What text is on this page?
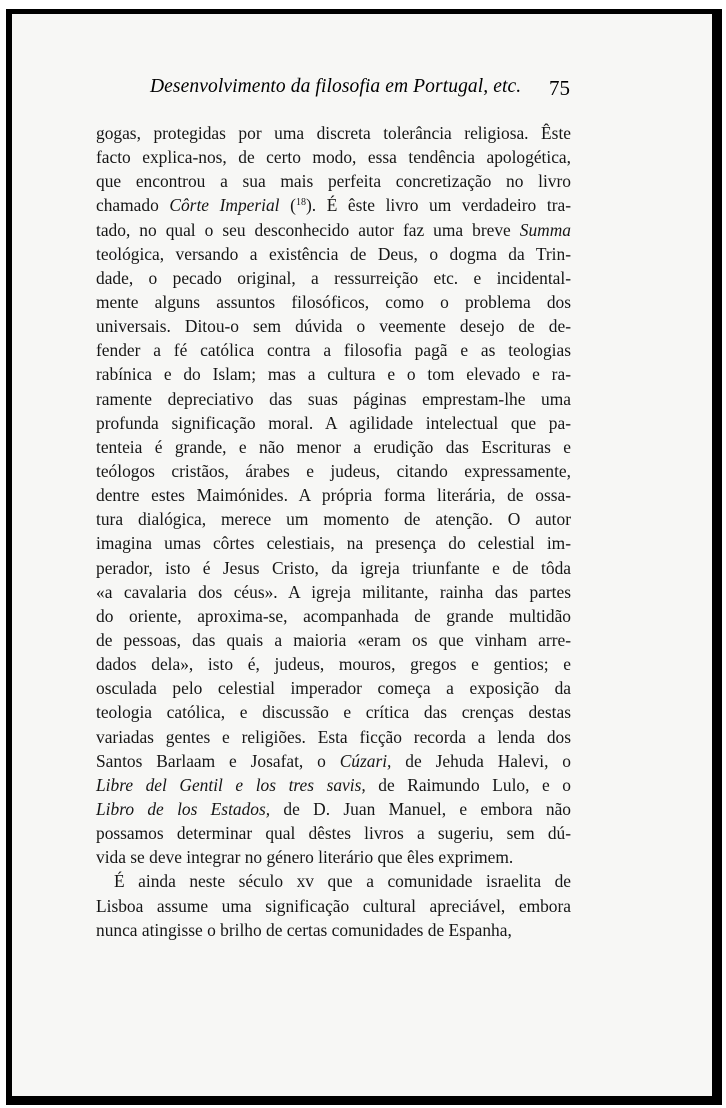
Desenvolvimento da filosofia em Portugal, etc. 75
gogas, protegidas por uma discreta tolerância religiosa. Êste
facto explica-nos, de certo modo, essa tendência apologética,
que encontrou a sua mais perfeita concretização no livro
chamado Côrte Imperial ($^{18}$). É êste livro um verdadeiro tra-
tado, no qual o seu desconhecido autor faz uma breve Summa
teológica, versando a existência de Deus, o dogma da Trin-
dade, o pecado original, a ressurreição etc. e incidental-
mente alguns assuntos filosóficos, como o problema dos
universais. Ditou-o sem dúvida o veemente desejo de de-
fender a fé católica contra a filosofia pagã e as teologias
rabínica e do Islam; mas a cultura e o tom elevado e ra-
ramente depreciativo das suas páginas emprestam-lhe uma
profunda significação moral. A agilidade intelectual que pa-
tenteia é grande, e não menor a erudição das Escrituras e
teólogos cristãos, árabes e judeus, citando expressamente,
dentre estes Maimónides. A própria forma literária, de ossa-
tura dialógica, merece um momento de atenção. O autor
imagina umas côrtes celestiais, na presença do celestial im-
perador, isto é Jesus Cristo, da igreja triunfante e de tôda
«a cavalaria dos céus». A igreja militante, rainha das partes
do oriente, aproxima-se, acompanhada de grande multidão
de pessoas, das quais a maioria «eram os que vinham arre-
dados dela», isto é, judeus, mouros, gregos e gentios; e
osculada pelo celestial imperador começa a exposição da
teologia católica, e discussão e crítica das crenças destas
variadas gentes e religiões. Esta ficção recorda a lenda dos
Santos Barlaam e Josafat, o Cúzari, de Jehuda Halevi, o
Libre del Gentil e los tres savis, de Raimundo Lulo, e o
Libro de los Estados, de D. Juan Manuel, e embora não
possamos determinar qual dêstes livros a sugeriu, sem dú-
vida se deve integrar no género literário que êles exprimem.
É ainda neste século xv que a comunidade israelita de
Lisboa assume uma significação cultural apreciável, embora
nunca atingisse o brilho de certas comunidades de Espanha,
